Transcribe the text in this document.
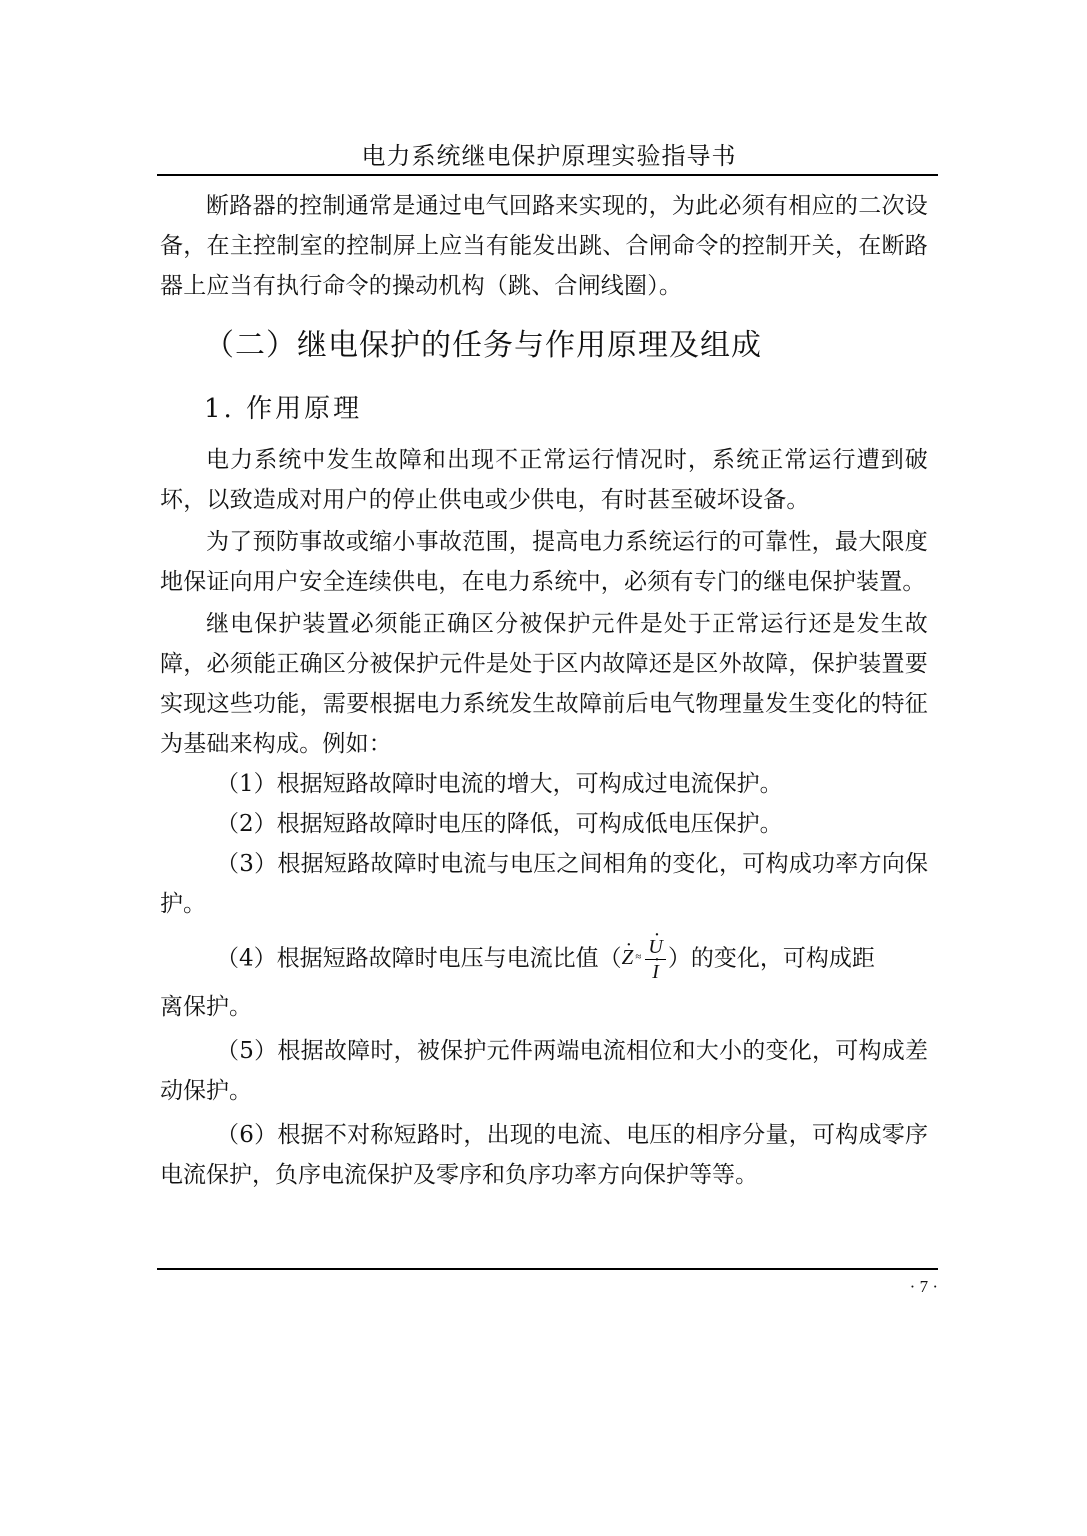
电力系统继电保护原理实验指导书

断路器的控制通常是通过电气回路来实现的，为此必须有相应的二次设备，在主控制室的控制屏上应当有能发出跳、合闸命令的控制开关，在断路器上应当有执行命令的操动机构（跳、合闸线圈）。

（二）继电保护的任务与作用原理及组成
1. 作用原理

电力系统中发生故障和出现不正常运行情况时，系统正常运行遭到破坏，以致造成对用户的停止供电或少供电，有时甚至破坏设备。

为了预防事故或缩小事故范围，提高电力系统运行的可靠性，最大限度地保证向用户安全连续供电，在电力系统中，必须有专门的继电保护装置。

继电保护装置必须能正确区分被保护元件是处于正常运行还是发生故障，必须能正确区分被保护元件是处于区内故障还是区外故障，保护装置要实现这些功能，需要根据电力系统发生故障前后电气物理量发生变化的特征为基础来构成。例如：

（1）根据短路故障时电流的增大，可构成过电流保护。

（2）根据短路故障时电压的降低，可构成低电压保护。

（3）根据短路故障时电流与电压之间相角的变化，可构成功率方向保护。

（4）根据短路故障时电压与电流比值（· Z ≈
· U
· I ）的变化，可构成距

离保护。

（5）根据故障时，被保护元件两端电流相位和大小的变化，可构成差动保护。

（6）根据不对称短路时，出现的电流、电压的相序分量，可构成零序电流保护，负序电流保护及零序和负序功率方向保护等等。

· 7 ·
